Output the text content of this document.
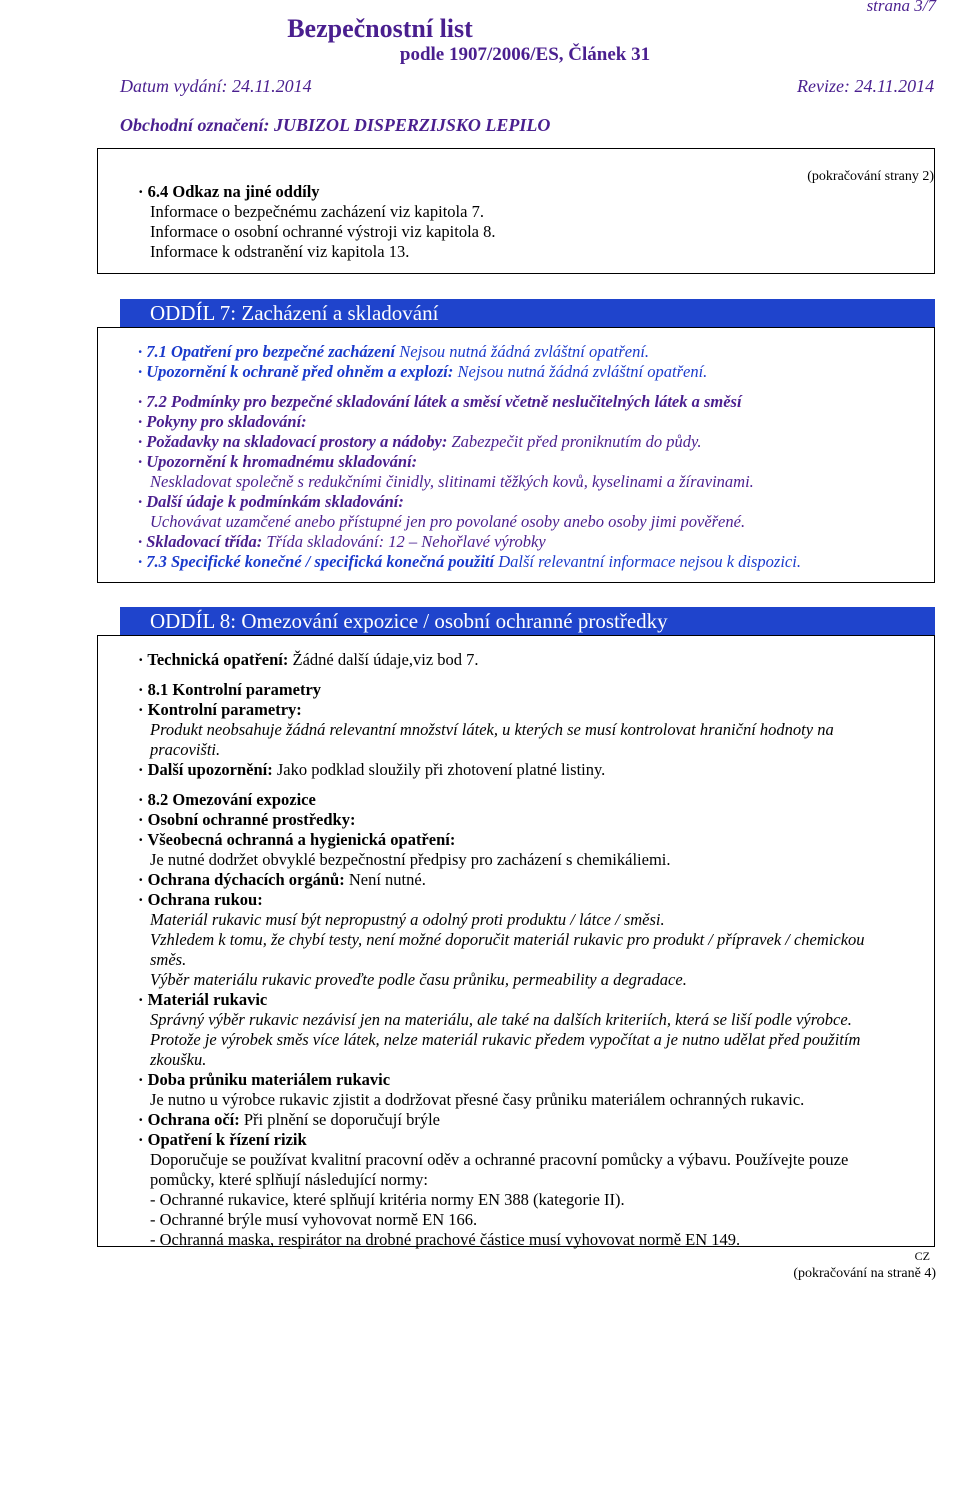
strana 3/7
Bezpečnostní list
podle 1907/2006/ES, Článek 31
Datum vydání: 24.11.2014	Revize: 24.11.2014
Obchodní označení: JUBIZOL DISPERZIJSKO LEPILO
(pokračování strany 2)
· 6.4 Odkaz na jiné oddíly
Informace o bezpečnému zacházení viz kapitola 7.
Informace o osobní ochranné výstroji viz kapitola 8.
Informace k odstranění viz kapitola 13.
ODDÍL 7: Zacházení a skladování
· 7.1 Opatření pro bezpečné zacházení Nejsou nutná žádná zvláštní opatření.
· Upozornění k ochraně před ohněm a explozí: Nejsou nutná žádná zvláštní opatření.
· 7.2 Podmínky pro bezpečné skladování látek a směsí včetně neslučitelných látek a směsí
· Pokyny pro skladování:
· Požadavky na skladovací prostory a nádoby: Zabezpečit před proniknutím do půdy.
· Upozornění k hromadnému skladování:
Neskladovat společně s redukčními činidly, slitinami těžkých kovů, kyselinami a žíravinami.
· Další údaje k podmínkám skladování:
Uchovávat uzamčené anebo přístupné jen pro povolané osoby anebo osoby jimi pověřené.
· Skladovací třída: Třída skladování: 12 – Nehořlavé výrobky
· 7.3 Specifické konečné / specifická konečná použití Další relevantní informace nejsou k dispozici.
ODDÍL 8: Omezování expozice / osobní ochranné prostředky
· Technická opatření: Žádné další údaje,viz bod 7.
· 8.1 Kontrolní parametry
· Kontrolní parametry:
Produkt neobsahuje žádná relevantní množství látek, u kterých se musí kontrolovat hraniční hodnoty na
pracovišti.
· Další upozornění: Jako podklad sloužily při zhotovení platné listiny.
· 8.2 Omezování expozice
· Osobní ochranné prostředky:
· Všeobecná ochranná a hygienická opatření:
Je nutné dodržet obvyklé bezpečnostní předpisy pro zacházení s chemikáliemi.
· Ochrana dýchacích orgánů: Není nutné.
· Ochrana rukou:
Materiál rukavic musí být nepropustný a odolný proti produktu / látce / směsi.
Vzhledem k tomu, že chybí testy, není možné doporučit materiál rukavic pro produkt / přípravek / chemickou
směs.
Výběr materiálu rukavic proveďte podle času průniku, permeability a degradace.
· Materiál rukavic
Správný výběr rukavic nezávisí jen na materiálu, ale také na dalších kriteriích, která se liší podle výrobce.
Protože je výrobek směs více látek, nelze materiál rukavic předem vypočítat a je nutno udělat před použitím
zkoušku.
· Doba průniku materiálem rukavic
Je nutno u výrobce rukavic zjistit a dodržovat přesné časy průniku materiálem ochranných rukavic.
· Ochrana očí: Při plnění se doporučují brýle
· Opatření k řízení rizik
Doporučuje se používat kvalitní pracovní oděv a ochranné pracovní pomůcky a výbavu. Používejte pouze
pomůcky, které splňují následující normy:
- Ochranné rukavice, které splňují kritéria normy EN 388 (kategorie II).
- Ochranné brýle musí vyhovovat normě EN 166.
- Ochranná maska, respirátor na drobné prachové částice musí vyhovovat normě EN 149.
CZ
(pokračování na straně 4)
